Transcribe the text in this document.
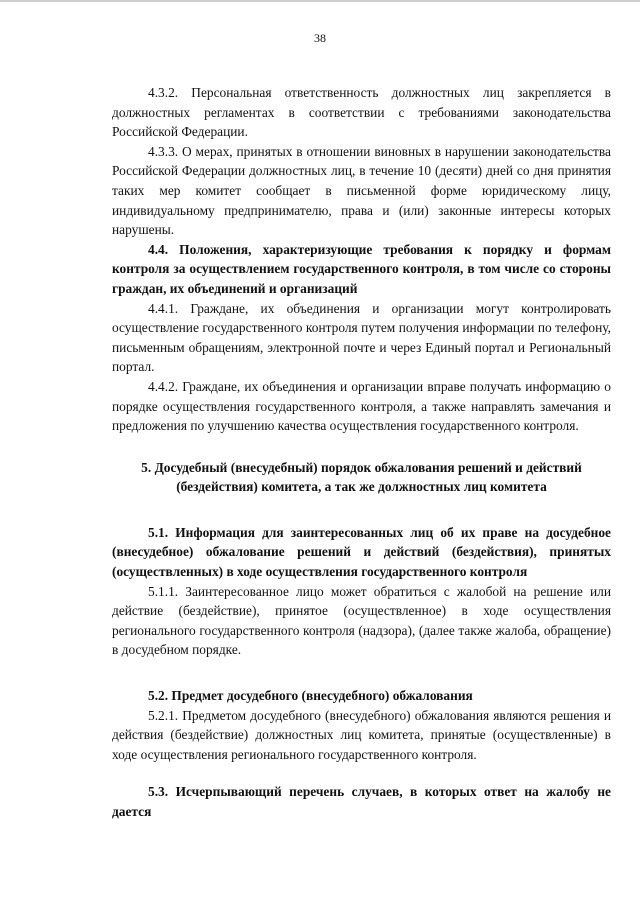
38

4.3.2. Персональная ответственность должностных лиц закрепляется в должностных регламентах в соответствии с требованиями законодательства Российской Федерации.

4.3.3. О мерах, принятых в отношении виновных в нарушении законодательства Российской Федерации должностных лиц, в течение 10 (десяти) дней со дня принятия таких мер комитет сообщает в письменной форме юридическому лицу, индивидуальному предпринимателю, права и (или) законные интересы которых нарушены.

4.4. Положения, характеризующие требования к порядку и формам контроля за осуществлением государственного контроля, в том числе со стороны граждан, их объединений и организаций

4.4.1. Граждане, их объединения и организации могут контролировать осуществление государственного контроля путем получения информации по телефону, письменным обращениям, электронной почте и через Единый портал и Региональный портал.

4.4.2. Граждане, их объединения и организации вправе получать информацию о порядке осуществления государственного контроля, а также направлять замечания и предложения по улучшению качества осуществления государственного контроля.

5. Досудебный (внесудебный) порядок обжалования решений и действий (бездействия) комитета, а так же должностных лиц комитета

5.1. Информация для заинтересованных лиц об их праве на досудебное (внесудебное) обжалование решений и действий (бездействия), принятых (осуществленных) в ходе осуществления государственного контроля

5.1.1. Заинтересованное лицо может обратиться с жалобой на решение или действие (бездействие), принятое (осуществленное) в ходе осуществления регионального государственного контроля (надзора), (далее также жалоба, обращение) в досудебном порядке.

5.2. Предмет досудебного (внесудебного) обжалования

5.2.1. Предметом досудебного (внесудебного) обжалования являются решения и действия (бездействие) должностных лиц комитета, принятые (осуществленные) в ходе осуществления регионального государственного контроля.

5.3. Исчерпывающий перечень случаев, в которых ответ на жалобу не дается
